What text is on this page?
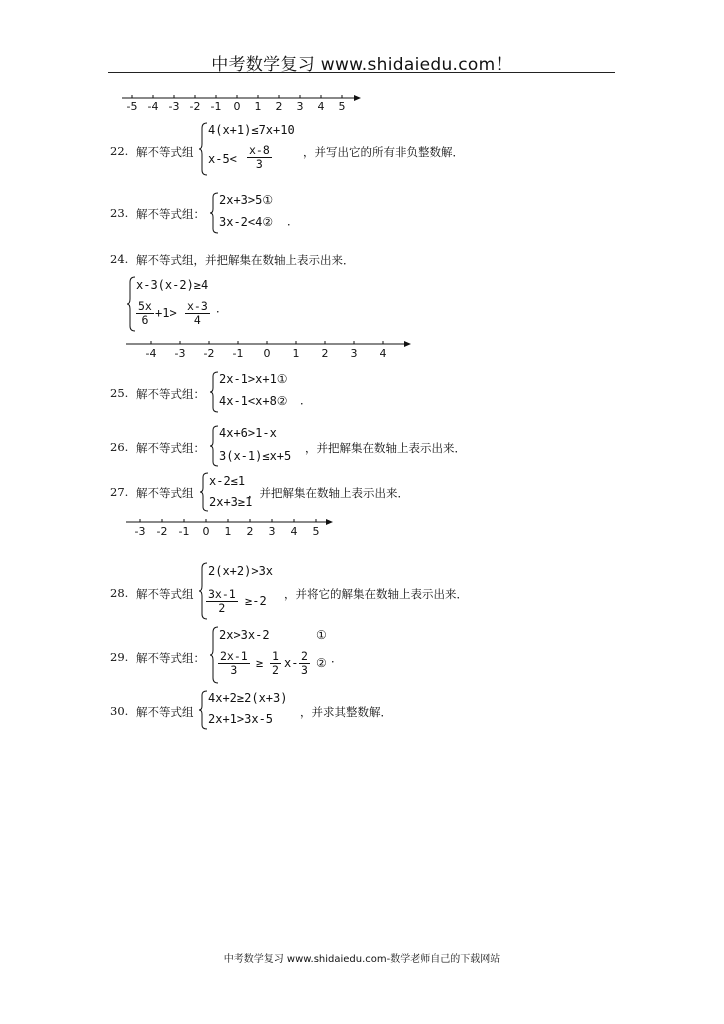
中考数学复习 www.shidaiedu.com！
-5 -4 -3 -2 -1 0 1 2 3 4 5
22. 解不等式组
4(x+1)≤7x+10
$x-5< \frac{x-8}{3}$	，并写出它的所有非负整数解．
23. 解不等式组：
2x+3>5①
3x-2<4② ．
24. 解不等式组，并把解集在数轴上表示出来．
x-3(x-2)≥4
$\frac{5x}{6} +1> \frac{x-3}{4}$ ．
-4 -3 -2 -1 0 1 2 3 4
25. 解不等式组：
2x-1>x+1①
4x-1<x+8② ．
26. 解不等式组：
4x+6>1-x
3(x-1)≤x+5
，并把解集在数轴上表示出来．
27. 解不等式组
x-2≤1
2x+3≥1
，并把解集在数轴上表示出来．
-3 -2 -1 0 1 2 3 4 5
28. 解不等式组
2(x+2)>3x
$\frac{3x-1}{2} \ge-2$ ，并将它的解集在数轴上表示出来．
29. 解不等式组：
2x>3x-2	①
$\frac{2x-1}{3} \ge \frac{1}{2} x- \frac{2}{3}$ ② ．
30. 解不等式组
4x+2≥2(x+3)
2x+1>3x-5 ，并求其整数解．
中考数学复习 www.shidaiedu.com-数学老师自己的下载网站
